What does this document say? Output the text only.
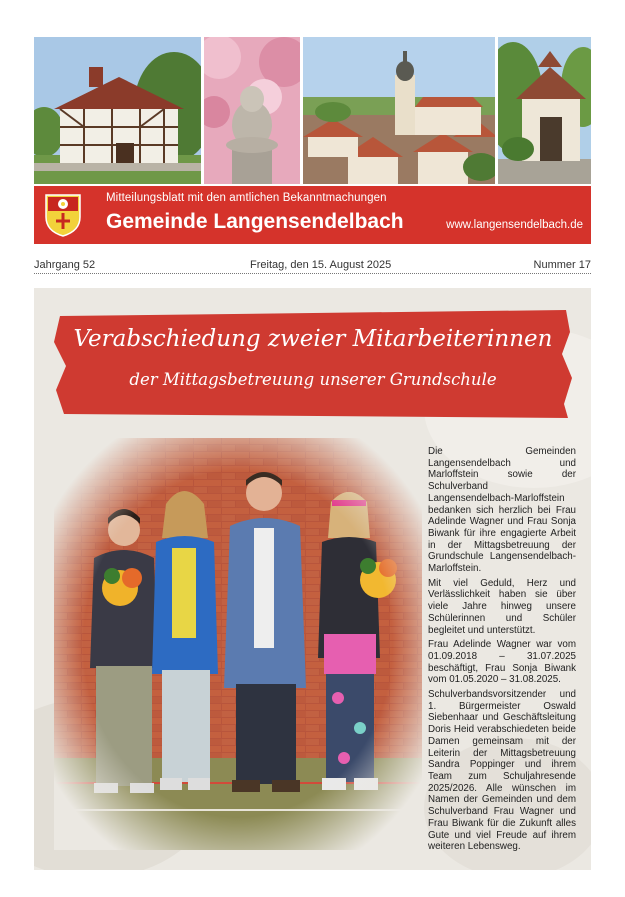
Mitteilungsblatt mit den amtlichen Bekanntmachungen
Gemeinde Langensendelbach	www.langensendelbach.de
Jahrgang 52	Freitag, den 15. August 2025	Nummer 17
Verabschiedung zweier Mitarbeiterinnen
der Mittagsbetreuung unserer Grundschule

Die Gemeinden Langensendelbach und Marloffstein sowie der Schulverband Langensendelbach-Marloffstein bedanken sich herzlich bei Frau Adelinde Wagner und Frau Sonja Biwank für ihre engagierte Arbeit in der Mittagsbetreuung der Grundschule Langensendelbach-Marloffstein.

Mit viel Geduld, Herz und Verlässlichkeit haben sie über viele Jahre hinweg unsere Schülerinnen und Schüler begleitet und unterstützt.

Frau Adelinde Wagner war vom 01.09.2018 – 31.07.2025 beschäftigt, Frau Sonja Biwank vom 01.05.2020 – 31.08.2025.

Schulverbandsvorsitzender und 1. Bürgermeister Oswald Siebenhaar und Geschäftsleitung Doris Heid verabschiedeten beide Damen gemeinsam mit der Leiterin der Mittagsbetreuung Sandra Poppinger und ihrem Team zum Schuljahresende 2025/2026. Alle wünschen im Namen der Gemeinden und dem Schulverband Frau Wagner und Frau Biwank für die Zukunft alles Gute und viel Freude auf ihrem weiteren Lebensweg.
